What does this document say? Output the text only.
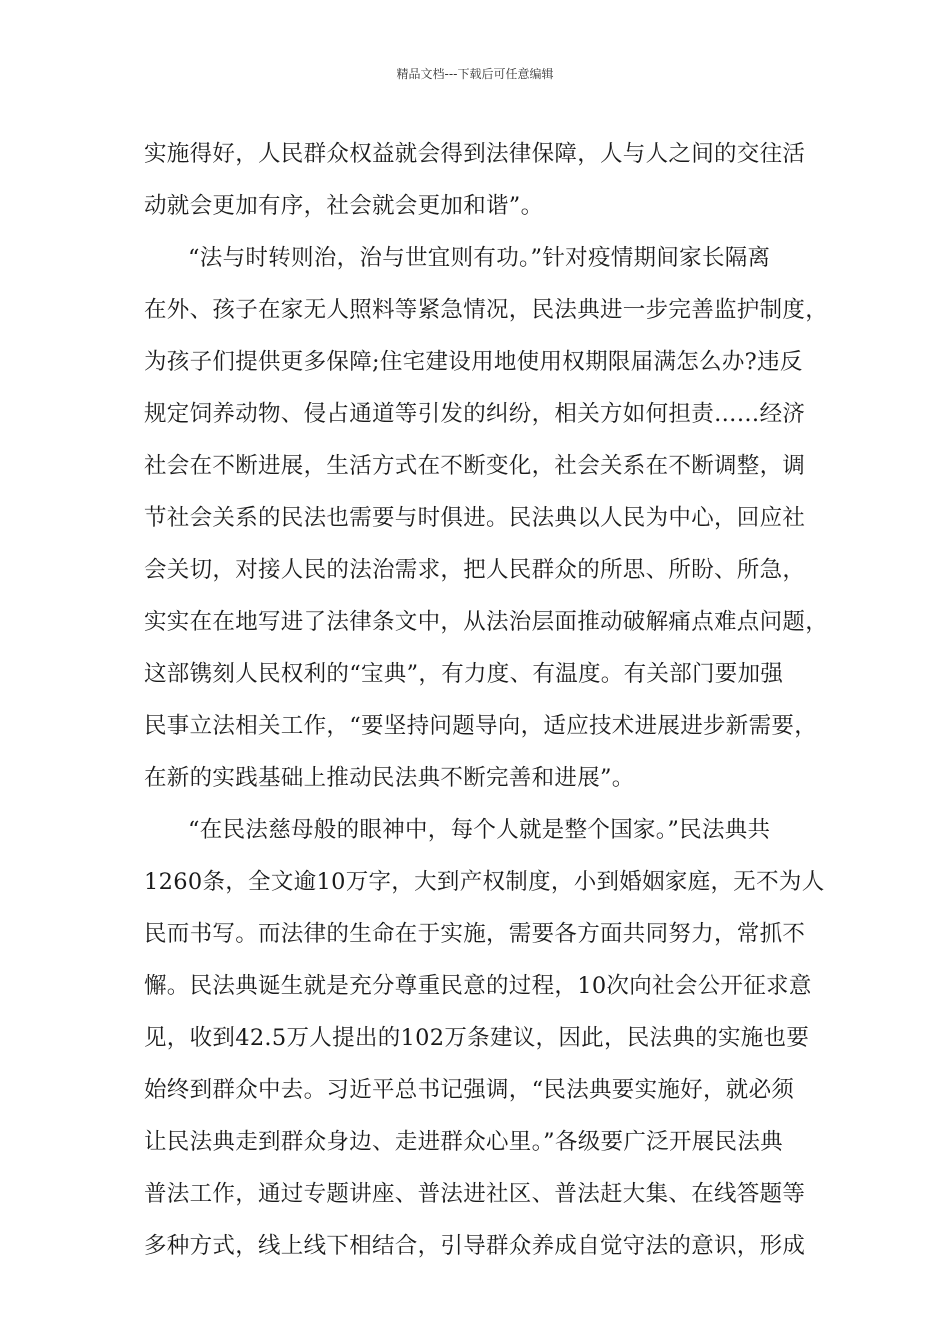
精品文档---下载后可任意编辑
实施得好，人民群众权益就会得到法律保障，人与人之间的交往活
动就会更加有序，社会就会更加和谐”。
“法与时转则治，治与世宜则有功。”针对疫情期间家长隔离
在外、孩子在家无人照料等紧急情况，民法典进一步完善监护制度，
为孩子们提供更多保障;住宅建设用地使用权期限届满怎么办?违反
规定饲养动物、侵占通道等引发的纠纷，相关方如何担责……经济
社会在不断进展，生活方式在不断变化，社会关系在不断调整，调
节社会关系的民法也需要与时俱进。民法典以人民为中心，回应社
会关切，对接人民的法治需求，把人民群众的所思、所盼、所急，
实实在在地写进了法律条文中，从法治层面推动破解痛点难点问题，
这部镌刻人民权利的“宝典”，有力度、有温度。有关部门要加强
民事立法相关工作，“要坚持问题导向，适应技术进展进步新需要，
在新的实践基础上推动民法典不断完善和进展”。
“在民法慈母般的眼神中，每个人就是整个国家。”民法典共
1260条，全文逾10万字，大到产权制度，小到婚姻家庭，无不为人
民而书写。而法律的生命在于实施，需要各方面共同努力，常抓不
懈。民法典诞生就是充分尊重民意的过程，10次向社会公开征求意
见，收到42.5万人提出的102万条建议，因此，民法典的实施也要
始终到群众中去。习近平总书记强调，“民法典要实施好，就必须
让民法典走到群众身边、走进群众心里。”各级要广泛开展民法典
普法工作，通过专题讲座、普法进社区、普法赶大集、在线答题等
多种方式，线上线下相结合，引导群众养成自觉守法的意识，形成
